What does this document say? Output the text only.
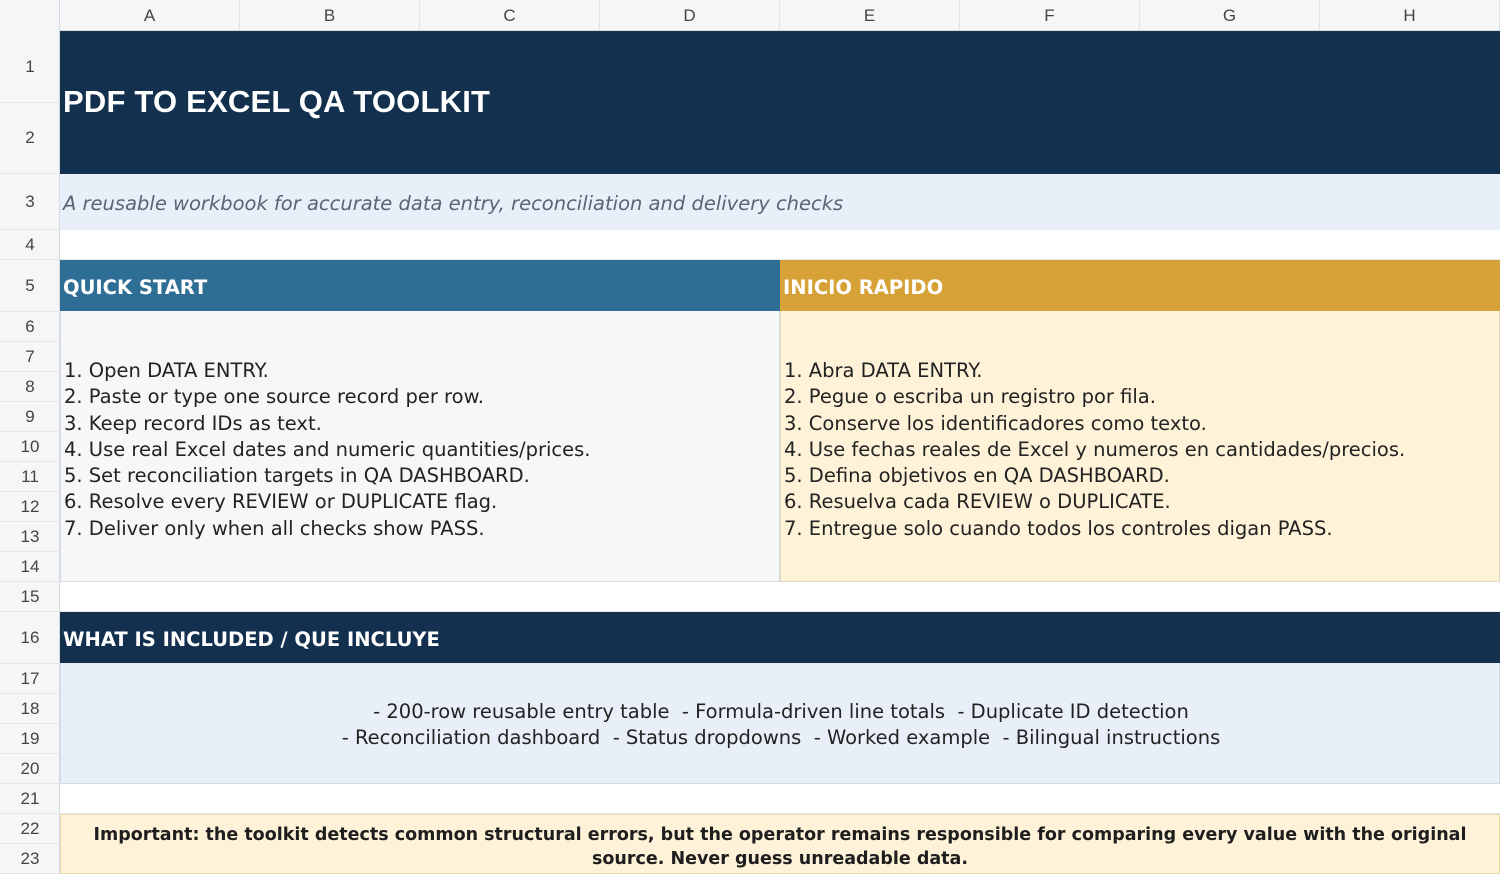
A	B	C	D	E	F	G	H
1
2
3
4
5
6
7
8
9
10
11
12
13
14
15
16
17
18
19
20
21
22
23
PDF TO EXCEL QA TOOLKIT
A reusable workbook for accurate data entry, reconciliation and delivery checks
QUICK START	INICIO RAPIDO
1. Open DATA ENTRY.
2. Paste or type one source record per row.
3. Keep record IDs as text.
4. Use real Excel dates and numeric quantities/prices.
5. Set reconciliation targets in QA DASHBOARD.
6. Resolve every REVIEW or DUPLICATE flag.
7. Deliver only when all checks show PASS.
1. Abra DATA ENTRY.
2. Pegue o escriba un registro por fila.
3. Conserve los identificadores como texto.
4. Use fechas reales de Excel y numeros en cantidades/precios.
5. Defina objetivos en QA DASHBOARD.
6. Resuelva cada REVIEW o DUPLICATE.
7. Entregue solo cuando todos los controles digan PASS.
WHAT IS INCLUDED / QUE INCLUYE
- 200-row reusable entry table  - Formula-driven line totals  - Duplicate ID detection
- Reconciliation dashboard  - Status dropdowns  - Worked example  - Bilingual instructions
Important: the toolkit detects common structural errors, but the operator remains responsible for comparing every value with the original source. Never guess unreadable data.
